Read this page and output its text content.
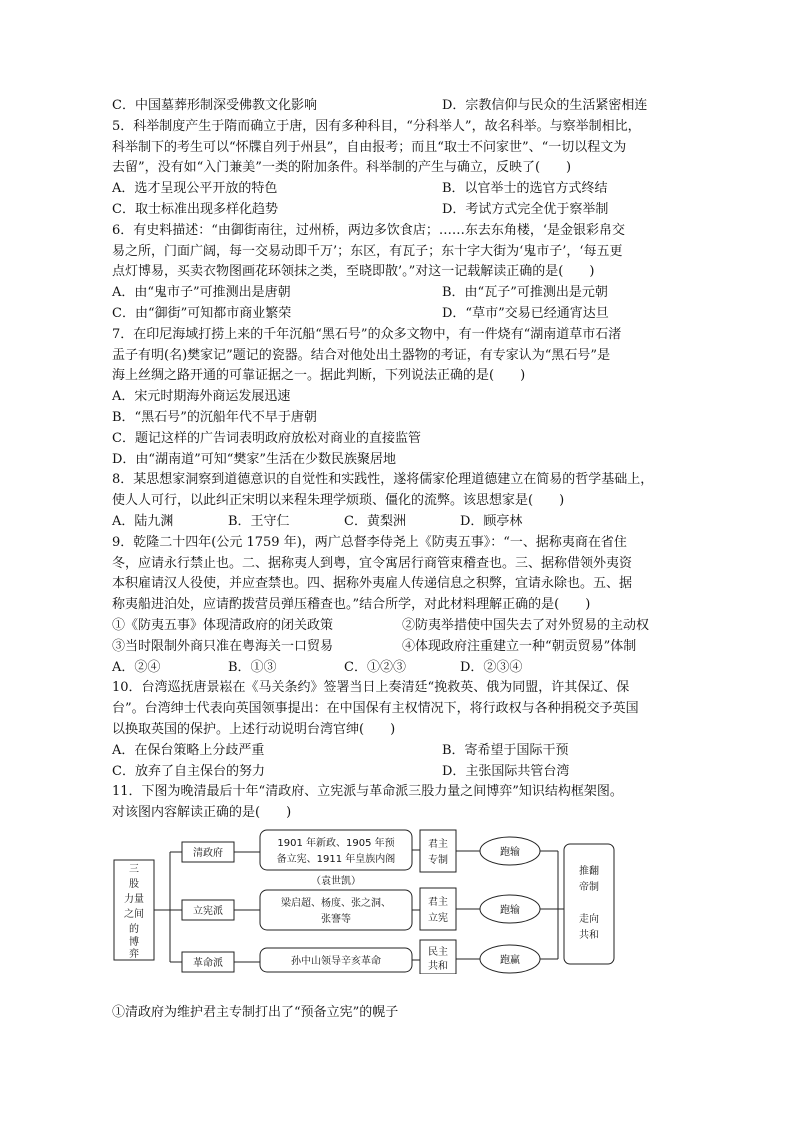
C．中国墓葬形制深受佛教文化影响	D．宗教信仰与民众的生活紧密相连

5．科举制度产生于隋而确立于唐，因有多种科目，“分科举人”，故名科举。与察举制相比，

科举制下的考生可以“怀牒自列于州县”，自由报考；而且“取士不问家世”、“一切以程文为

去留”，没有如“入门兼美”一类的附加条件。科举制的产生与确立，反映了(　　)

A．选才呈现公平开放的特色	B．以官举士的选官方式终结
C．取士标准出现多样化趋势	D．考试方式完全优于察举制

6．有史料描述：“由御街南往，过州桥，两边多饮食店；……东去东角楼，‘是金银彩帛交

易之所，门面广阔，每一交易动即千万’；东区，有瓦子；东十字大街为‘鬼市子’，‘每五更

点灯博易，买卖衣物图画花环领抹之类，至晓即散’。”对这一记载解读正确的是(　　)

A．由“鬼市子”可推测出是唐朝	B．由“瓦子”可推测出是元朝
C．由“御街”可知都市商业繁荣	D．“草市”交易已经通宵达旦

7．在印尼海域打捞上来的千年沉船“黑石号”的众多文物中，有一件烧有“湖南道草市石渚

盂子有明(名)樊家记”题记的瓷器。结合对他处出土器物的考证，有专家认为“黑石号”是

海上丝绸之路开通的可靠证据之一。据此判断，下列说法正确的是(　　)

A．宋元时期海外商运发展迅速

B．“黑石号”的沉船年代不早于唐朝

C．题记这样的广告词表明政府放松对商业的直接监管

D．由“湖南道”可知“樊家”生活在少数民族聚居地

8．某思想家洞察到道德意识的自觉性和实践性，遂将儒家伦理道德建立在简易的哲学基础上，

使人人可行，以此纠正宋明以来程朱理学烦琐、僵化的流弊。该思想家是(　　)

A．陆九渊	B．王守仁	C．黄梨洲	D．顾亭林

9．乾隆二十四年(公元 1759 年)，两广总督李侍尧上《防夷五事》：“一、据称夷商在省住

冬，应请永行禁止也。二、据称夷人到粤，宜令寓居行商管束稽查也。三、据称借领外夷资

本积雇请汉人役使，并应查禁也。四、据称外夷雇人传递信息之积弊，宜请永除也。五、据

称夷船进泊处，应请酌拨营员弹压稽查也。”结合所学，对此材料理解正确的是(　　)

①《防夷五事》体现清政府的闭关政策	②防夷举措使中国失去了对外贸易的主动权
③当时限制外商只准在粤海关一口贸易	④体现政府注重建立一种“朝贡贸易”体制
A．②④	B．①③	C．①②③	D．②③④

10．台湾巡抚唐景崧在《马关条约》签署当日上奏清廷“挽救英、俄为同盟，许其保辽、保

台”。台湾绅士代表向英国领事提出：在中国保有主权情况下，将行政权与各种捐税交予英国

以换取英国的保护。上述行动说明台湾官绅(　　)

A．在保台策略上分歧严重	B．寄希望于国际干预
C．放弃了自主保台的努力	D．主张国际共管台湾

11．下图为晚清最后十年“清政府、立宪派与革命派三股力量之间博弈”知识结构框架图。

对该图内容解读正确的是(　　)

三
股
力量
之间
的
博
弈
清政府
立宪派
革命派
1901 年新政、1905 年预
备立宪、1911 年皇族内阁
（袁世凯）
梁启超、杨度、张之洞、
张謇等
孙中山领导辛亥革命
君主
专制
君主
立宪
民主
共和
跑输
跑输
跑赢
推翻
帝制
走向
共和

①清政府为维护君主专制打出了“预备立宪”的幌子
